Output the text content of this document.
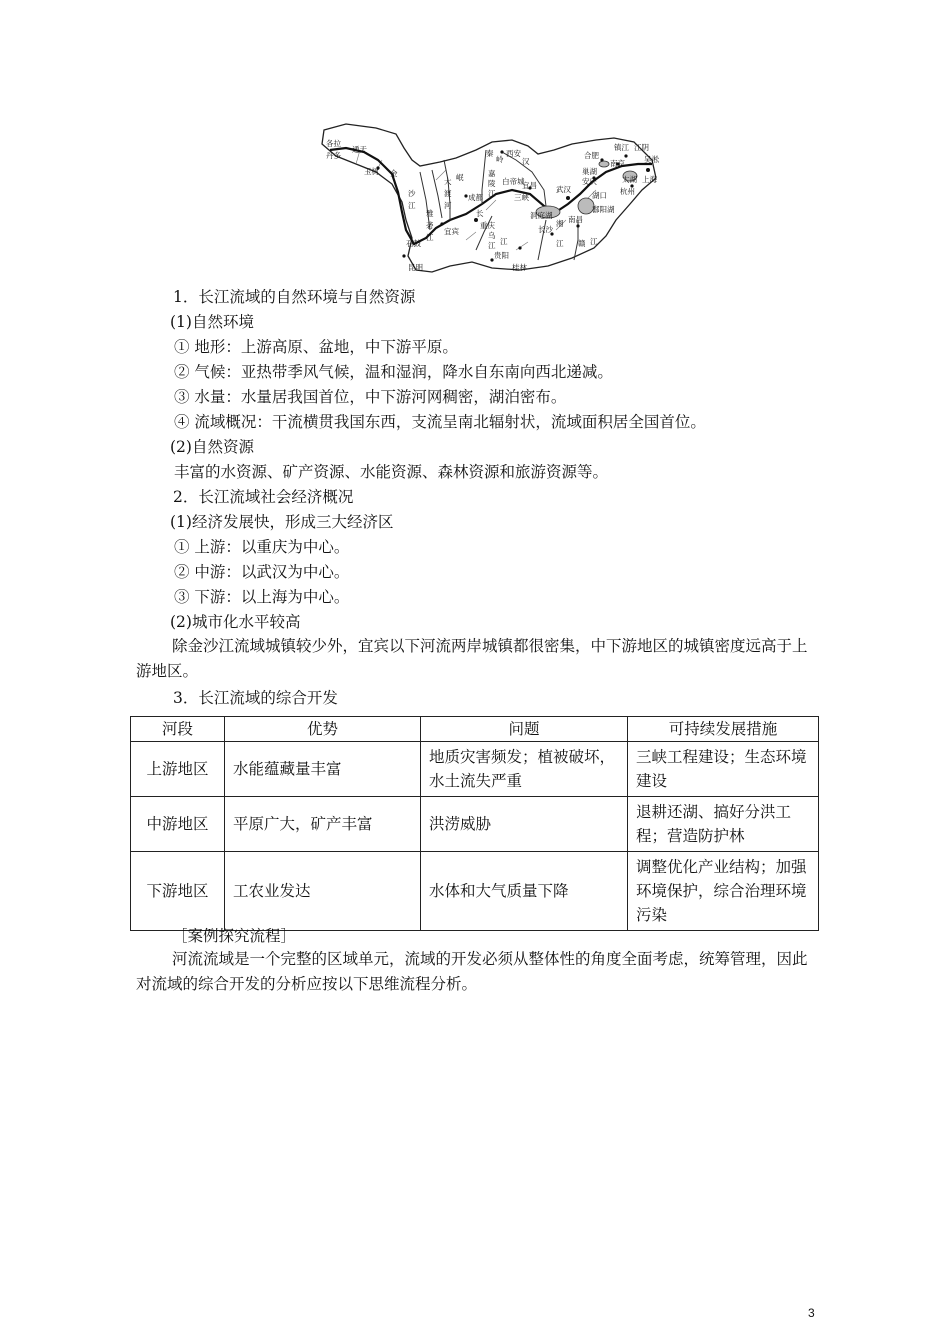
各拉
丹多
通天
玉树 金
大
渡
河
沙
江
石鼓
昆明
岷
雅
砻
江
宜宾
成都
嘉
陵
江
乌
江
重庆
贵阳
桂林
秦
岭
西安
汉
白帝城
宜昌
长
江
三峡
武汉
洞庭湖
湘
江
长沙
南昌
赣 江
鄱阳湖
湖口
安庆
合肥
巢湖
镇江
南京
太湖
杭州
上海
江阴
吴淞
1．长江流域的自然环境与自然资源
(1)自然环境
① 地形：上游高原、盆地，中下游平原。
② 气候：亚热带季风气候，温和湿润，降水自东南向西北递减。
③ 水量：水量居我国首位，中下游河网稠密，湖泊密布。
④ 流域概况：干流横贯我国东西，支流呈南北辐射状，流域面积居全国首位。
(2)自然资源
丰富的水资源、矿产资源、水能资源、森林资源和旅游资源等。
2．长江流域社会经济概况
(1)经济发展快，形成三大经济区
① 上游：以重庆为中心。
② 中游：以武汉为中心。
③ 下游：以上海为中心。
(2)城市化水平较高
除金沙江流域城镇较少外，宜宾以下河流两岸城镇都很密集，中下游地区的城镇密度远高于上游地区。
3．长江流域的综合开发
河段	优势	问题	可持续发展措施
上游地区	水能蕴藏量丰富	地质灾害频发；植被破坏，水土流失严重	三峡工程建设；生态环境建设
中游地区	平原广大，矿产丰富	洪涝威胁	退耕还湖、搞好分洪工程；营造防护林
下游地区	工农业发达	水体和大气质量下降	调整优化产业结构；加强环境保护，综合治理环境污染
［案例探究流程］
河流流域是一个完整的区域单元，流域的开发必须从整体性的角度全面考虑，统筹管理，因此对流域的综合开发的分析应按以下思维流程分析。
3
